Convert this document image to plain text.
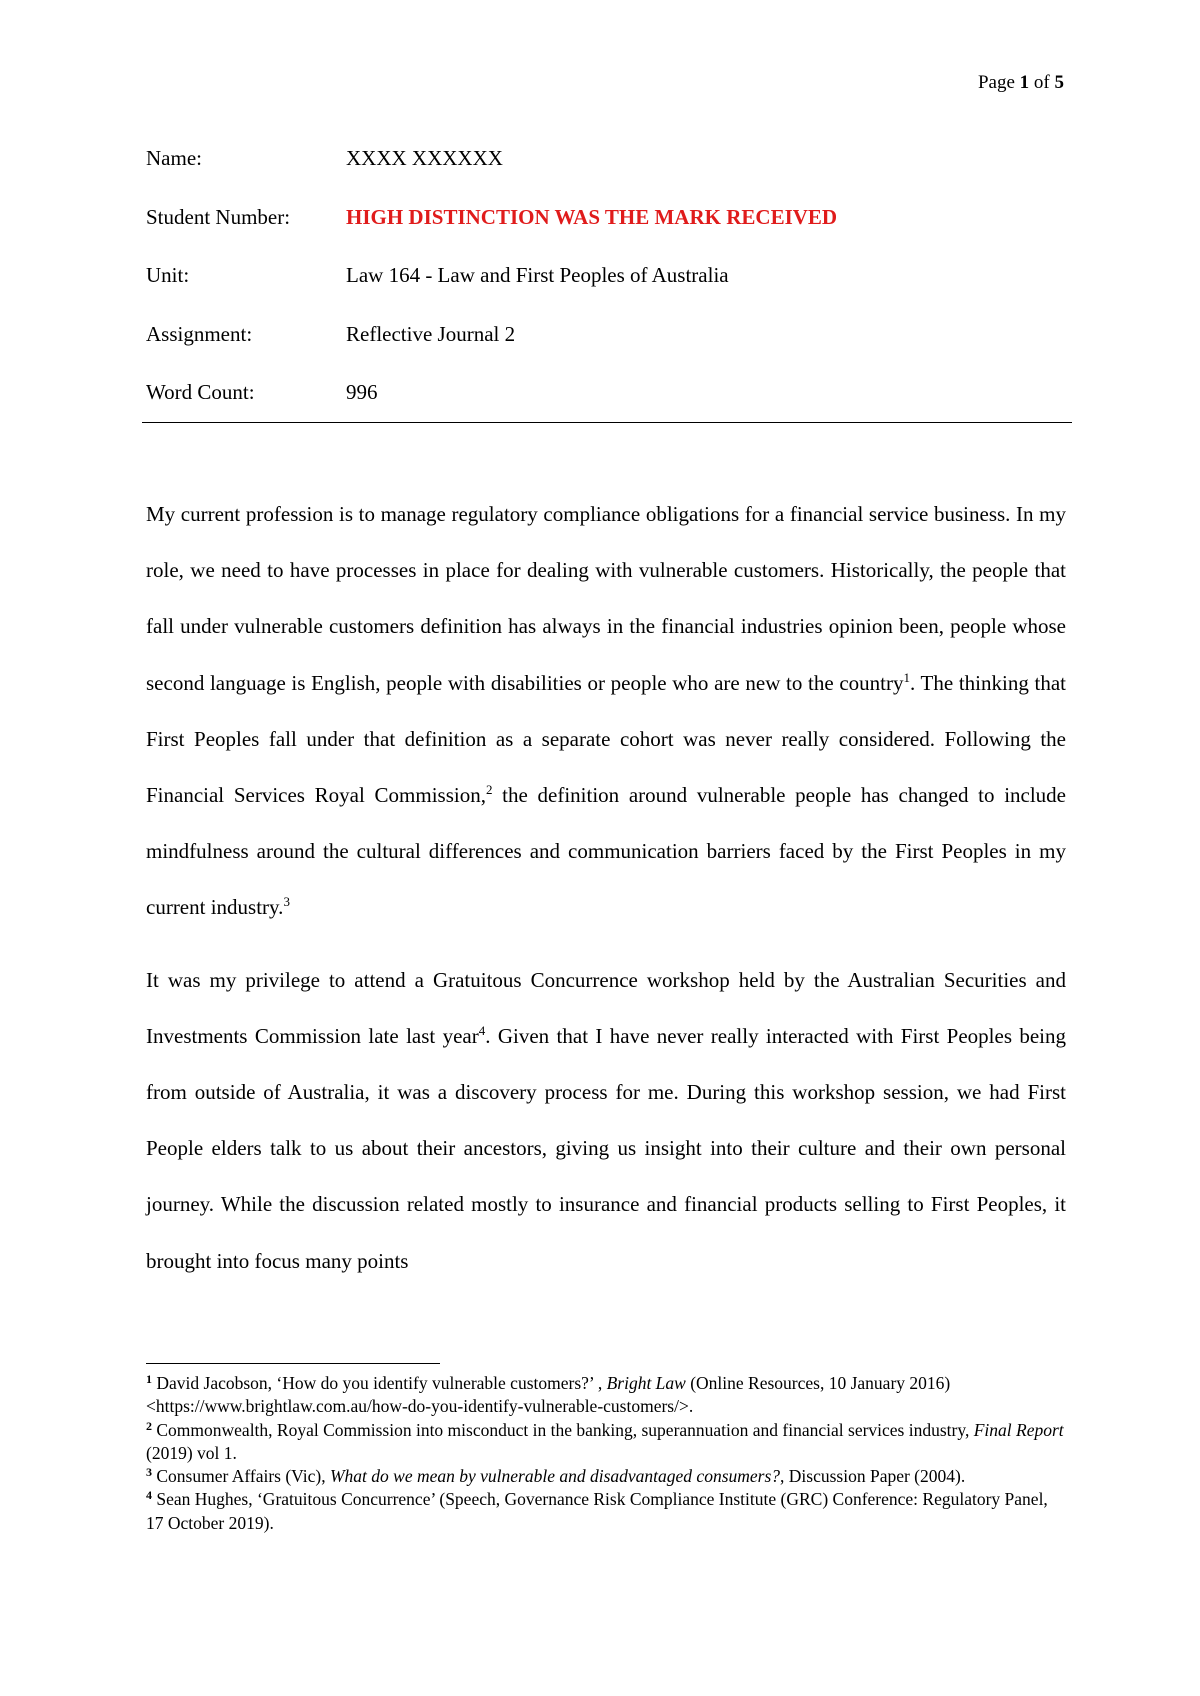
Page 1 of 5
Name:	XXXX XXXXXX
Student Number:	HIGH DISTINCTION WAS THE MARK RECEIVED
Unit:	Law 164 - Law and First Peoples of Australia
Assignment:	Reflective Journal 2
Word Count:	996

My current profession is to manage regulatory compliance obligations for a financial service business. In my role, we need to have processes in place for dealing with vulnerable customers. Historically, the people that fall under vulnerable customers definition has always in the financial industries opinion been, people whose second language is English, people with disabilities or people who are new to the country$^1$. The thinking that First Peoples fall under that definition as a separate cohort was never really considered. Following the Financial Services Royal Commission,$^2$ the definition around vulnerable people has changed to include mindfulness around the cultural differences and communication barriers faced by the First Peoples in my current industry.$^3$

It was my privilege to attend a Gratuitous Concurrence workshop held by the Australian Securities and Investments Commission late last year$^4$. Given that I have never really interacted with First Peoples being from outside of Australia, it was a discovery process for me. During this workshop session, we had First People elders talk to us about their ancestors, giving us insight into their culture and their own personal journey. While the discussion related mostly to insurance and financial products selling to First Peoples, it brought into focus many points

$^1$ David Jacobson, ‘How do you identify vulnerable customers?’ , Bright Law (Online Resources, 10 January 2016) <https://www.brightlaw.com.au/how-do-you-identify-vulnerable-customers/>.

$^2$ Commonwealth, Royal Commission into misconduct in the banking, superannuation and financial services industry, Final Report (2019) vol 1.

$^3$ Consumer Affairs (Vic), What do we mean by vulnerable and disadvantaged consumers?, Discussion Paper (2004).

$^4$ Sean Hughes, ‘Gratuitous Concurrence’ (Speech, Governance Risk Compliance Institute (GRC) Conference: Regulatory Panel, 17 October 2019).
